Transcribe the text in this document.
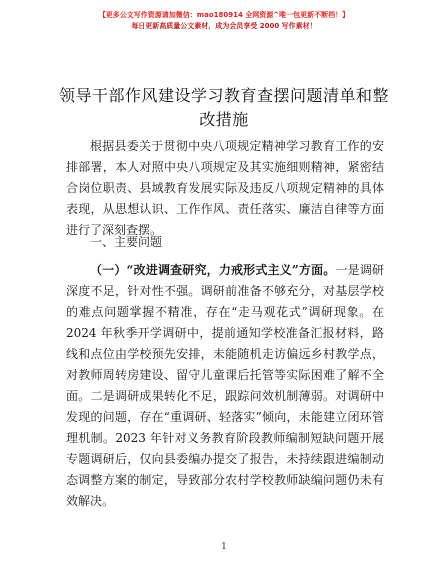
【更多公文写作资源请加微信：mao180914 全网资源^唯一包更新不断档！】
每日更新高质量公文素材，成为会员享受 2000 写作素材！
领导干部作风建设学习教育查摆问题清单和整改措施
根据县委关于贯彻中央八项规定精神学习教育工作的安排部署，本人对照中央八项规定及其实施细则精神，紧密结合岗位职责、县域教育发展实际及违反八项规定精神的具体表现，从思想认识、工作作风、责任落实、廉洁自律等方面进行了深刻查摆。
一、主要问题
（一）“改进调查研究，力戒形式主义”方面。一是调研深度不足，针对性不强。调研前准备不够充分，对基层学校的难点问题掌握不精准，存在“走马观花式”调研现象。在 2024 年秋季开学调研中，提前通知学校准备汇报材料，路线和点位由学校预先安排，未能随机走访偏远乡村教学点，对教师周转房建设、留守儿童课后托管等实际困难了解不全面。二是调研成果转化不足，跟踪问效机制薄弱。对调研中发现的问题，存在“重调研、轻落实”倾向，未能建立闭环管理机制。2023 年针对义务教育阶段教师编制短缺问题开展专题调研后，仅向县委编办提交了报告，未持续跟进编制动态调整方案的制定，导致部分农村学校教师缺编问题仍未有效解决。
1
